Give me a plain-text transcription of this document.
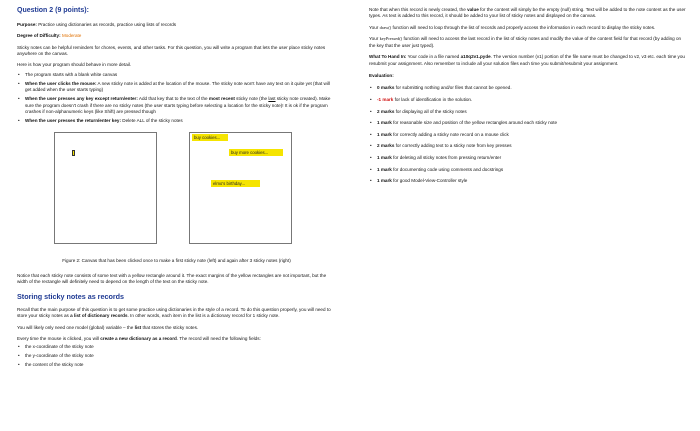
Question 2 (9 points):

Purpose: Practice using dictionaries as records, practice using lists of records

Degree of Difficulty: Moderate

Sticky notes can be helpful reminders for chores, events, and other tasks. For this question, you will write a program that lets the user place sticky notes anywhere on the canvas.

Here is how your program should behave in more detail.

• The program starts with a blank white canvas
• When the user clicks the mouse: A new sticky note is added at the location of the mouse. The sticky note won't have any text on it quite yet (that will get added when the user starts typing)
• When the user presses any key except return/enter: Add that key that to the text of the most recent sticky note (the last sticky note created). Make sure the program doesn't crash if there are no sticky notes (the user starts typing before selecting a location for the sticky note)! It is ok if the program crashes if non-alphanumeric keys (like Shift) are pressed though
• When the user presses the return/enter key: Delete ALL of the sticky notes
buy cookies...
buy more cookies...
elmo's birthday...

Figure 2: Canvas that has been clicked once to make a first sticky note (left) and again after 3 sticky notes (right)

Notice that each sticky note consists of some text with a yellow rectangle around it. The exact margins of the yellow rectangles are not important, but the width of the rectangle will definitely need to depend on the length of the text on the sticky note.

Storing sticky notes as records

Recall that the main purpose of this question is to get some practice using dictionaries in the style of a record. To do this question properly, you will need to store your sticky notes as a list of dictionary records. In other words, each item in the list is a dictionary record for 1 sticky note.

You will likely only need one model (global) variable – the list that stores the sticky notes.

Every time the mouse is clicked, you will create a new dictionary as a record. The record will need the following fields:

• the x-coordinate of the sticky note
• the y-coordinate of the sticky note
• the content of the sticky note

Note that when this record is newly created, the value for the content will simply be the empty (null) string. Text will be added to the note content as the user types. As text is added to this record, it should be added to your list of sticky notes and displayed on the canvas.

Your draw() function will need to loop through the list of records and properly access the information in each record to display the sticky notes.

Your keyPressed() function will need to access the last record in the list of sticky notes and modify the value of the content field for that record (by adding on the key that the user just typed).

What To Hand In: Your code in a file named a10q2v1.pyde. The version number (v1) portion of the file name must be changed to v2, v3 etc. each time you resubmit your assignment. Also remember to include all your solution files each time you submit/resubmit your assignment.

Evaluation:
• 0 marks for submitting nothing and/or files that cannot be opened.
• -1 mark for lack of identification in the solution.
• 2 marks for displaying all of the sticky notes
• 1 mark for reasonable size and position of the yellow rectangles around each sticky note
• 1 mark for correctly adding a sticky note record on a mouse click
• 2 marks for correctly adding text to a sticky note from key presses
• 1 mark for deleting all sticky notes from pressing return/enter
• 1 mark for documenting code using comments and docstrings
• 1 mark for good Model-View-Controller style
